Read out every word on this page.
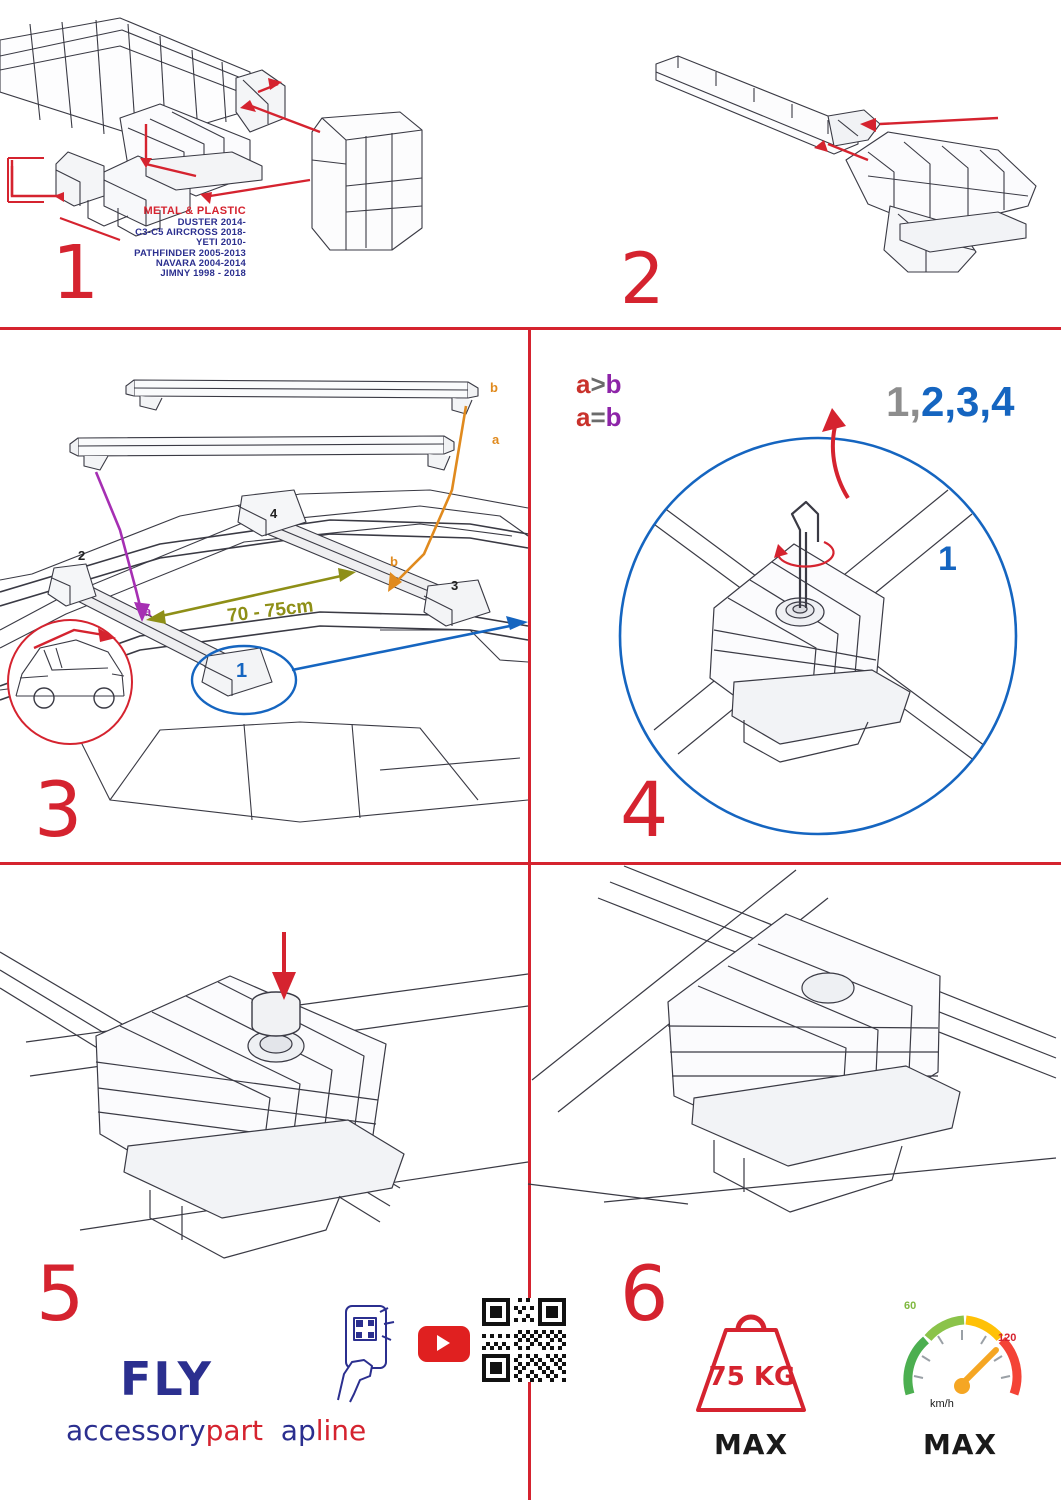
METAL & PLASTIC
DUSTER 2014-
C3-C5 AIRCROSS 2018-
YETI 2010-
PATHFINDER 2005-2013
NAVARA 2004-2014
JIMNY 1998 - 2018
1	2
b
a
b
a
2
3
4
1
70 - 75cm
a>b
a=b
3
1,2,3,4
1
4
5
FLY
accessorypart apline
6
75 KG
MAX
60
120
km/h
MAX
